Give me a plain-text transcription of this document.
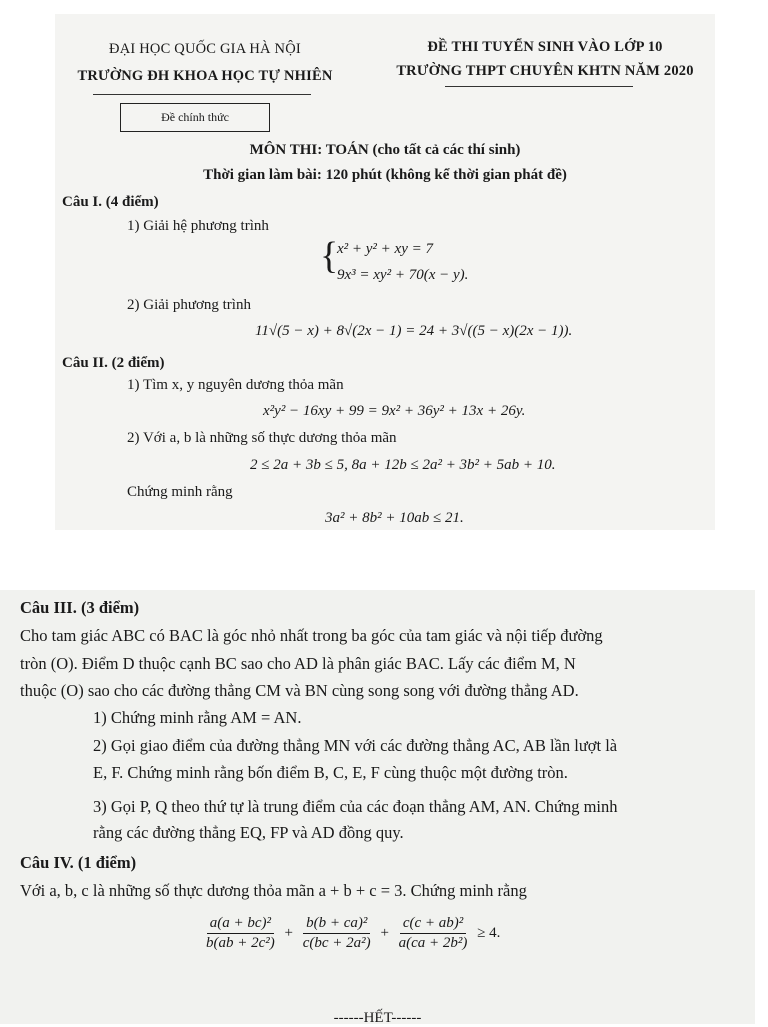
ĐẠI HỌC QUỐC GIA HÀ NỘI
TRƯỜNG ĐH KHOA HỌC TỰ NHIÊN
ĐỀ THI TUYỂN SINH VÀO LỚP 10
TRƯỜNG THPT CHUYÊN KHTN NĂM 2020
Đề chính thức
MÔN THI: TOÁN (cho tất cả các thí sinh)
Thời gian làm bài: 120 phút (không kể thời gian phát đề)
Câu I. (4 điểm)
1) Giải hệ phương trình
{
x² + y² + xy = 7
9x³ = xy² + 70(x − y).
2) Giải phương trình
11√(5 − x) + 8√(2x − 1) = 24 + 3√((5 − x)(2x − 1)).
Câu II. (2 điểm)
1) Tìm x, y nguyên dương thỏa mãn
x²y² − 16xy + 99 = 9x² + 36y² + 13x + 26y.
2) Với a, b là những số thực dương thỏa mãn
2 ≤ 2a + 3b ≤ 5, 8a + 12b ≤ 2a² + 3b² + 5ab + 10.
Chứng minh rằng
3a² + 8b² + 10ab ≤ 21.
Câu III. (3 điểm)
Cho tam giác ABC có BAC là góc nhỏ nhất trong ba góc của tam giác và nội tiếp đường
tròn (O). Điểm D thuộc cạnh BC sao cho AD là phân giác BAC. Lấy các điểm M, N
thuộc (O) sao cho các đường thẳng CM và BN cùng song song với đường thẳng AD.
1) Chứng minh rằng AM = AN.
2) Gọi giao điểm của đường thẳng MN với các đường thẳng AC, AB lần lượt là
E, F. Chứng minh rằng bốn điểm B, C, E, F cùng thuộc một đường tròn.
3) Gọi P, Q theo thứ tự là trung điểm của các đoạn thẳng AM, AN. Chứng minh
rằng các đường thẳng EQ, FP và AD đồng quy.
Câu IV. (1 điểm)
Với a, b, c là những số thực dương thỏa mãn a + b + c = 3. Chứng minh rằng
$\frac{\text{a(a + bc)²}}{\text{b(ab + 2c²)}} + \frac{\text{b(b + ca)²}}{\text{c(bc + 2a²)}} + \frac{\text{c(c + ab)²}}{\text{a(ca + 2b²)}} \ge 4$.
------HẾT------
